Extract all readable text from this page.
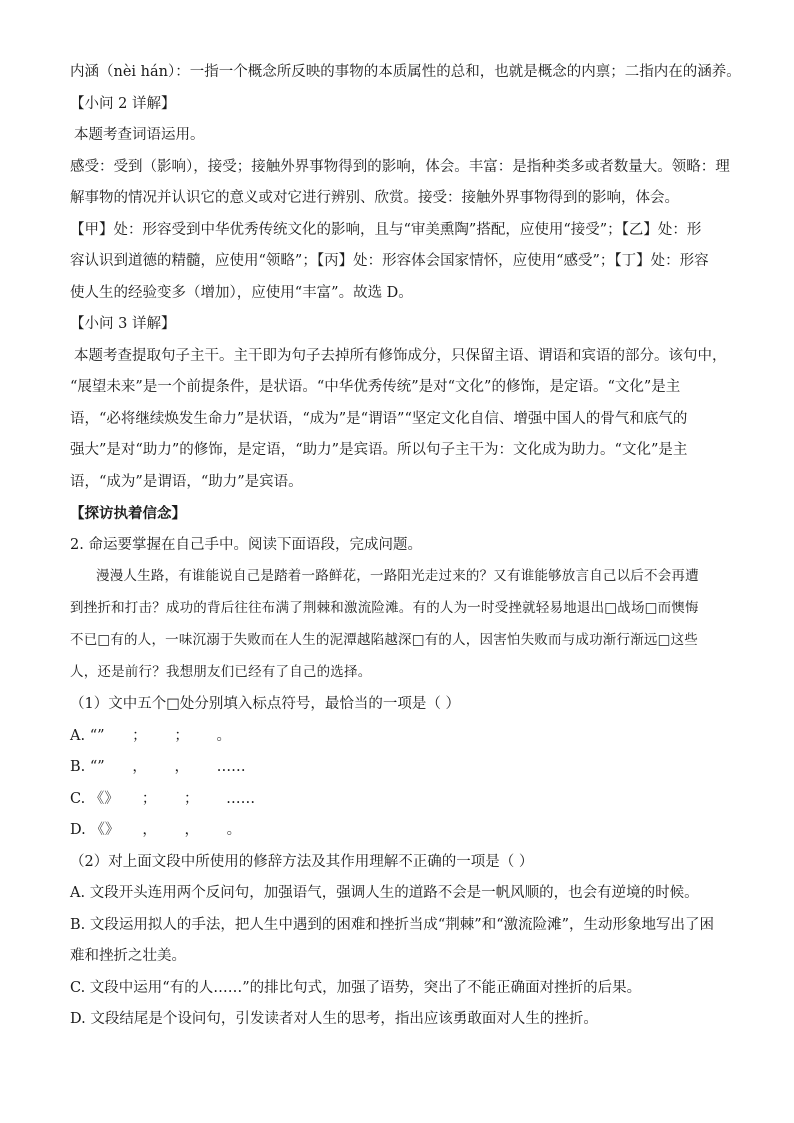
内涵（nèi hán）：一指一个概念所反映的事物的本质属性的总和，也就是概念的内禀；二指内在的涵养。

【小问 2 详解】

本题考查词语运用。

感受：受到（影响），接受；接触外界事物得到的影响，体会。丰富：是指种类多或者数量大。领略：理

解事物的情况并认识它的意义或对它进行辨别、欣赏。接受：接触外界事物得到的影响，体会。

【甲】处：形容受到中华优秀传统文化的影响，且与“审美熏陶”搭配，应使用“接受”；【乙】处：形

容认识到道德的精髓，应使用“领略”；【丙】处：形容体会国家情怀，应使用“感受”；【丁】处：形容

使人生的经验变多（增加），应使用“丰富”。故选 D。

【小问 3 详解】

本题考查提取句子主干。主干即为句子去掉所有修饰成分，只保留主语、谓语和宾语的部分。该句中，

“展望未来”是一个前提条件，是状语。“中华优秀传统”是对“文化”的修饰，是定语。“文化”是主

语，“必将继续焕发生命力”是状语，“成为”是“谓语”“坚定文化自信、增强中国人的骨气和底气的

强大”是对“助力”的修饰，是定语，“助力”是宾语。所以句子主干为：文化成为助力。“文化”是主

语，“成为”是谓语，“助力”是宾语。

【探访执着信念】

2. 命运要掌握在自己手中。阅读下面语段，完成问题。

漫漫人生路，有谁能说自己是踏着一路鲜花，一路阳光走过来的？又有谁能够放言自己以后不会再遭

到挫折和打击？成功的背后往往布满了荆棘和激流险滩。有的人为一时受挫就轻易地退出□战场□而懊悔

不已□有的人，一味沉溺于失败而在人生的泥潭越陷越深□有的人，因害怕失败而与成功渐行渐远□这些

人，还是前行？我想朋友们已经有了自己的选择。

（1）文中五个□处分别填入标点符号，最恰当的一项是（ ）

A. “”      ；      ；      。

B. “”      ，      ，      ……

C. 《》     ；      ；      ……

D. 《》     ，      ，      。

（2）对上面文段中所使用的修辞方法及其作用理解不正确的一项是（ ）

A. 文段开头连用两个反问句，加强语气，强调人生的道路不会是一帆风顺的，也会有逆境的时候。

B. 文段运用拟人的手法，把人生中遇到的困难和挫折当成“荆棘”和“激流险滩”，生动形象地写出了困

难和挫折之壮美。

C. 文段中运用“有的人……”的排比句式，加强了语势，突出了不能正确面对挫折的后果。

D. 文段结尾是个设问句，引发读者对人生的思考，指出应该勇敢面对人生的挫折。
